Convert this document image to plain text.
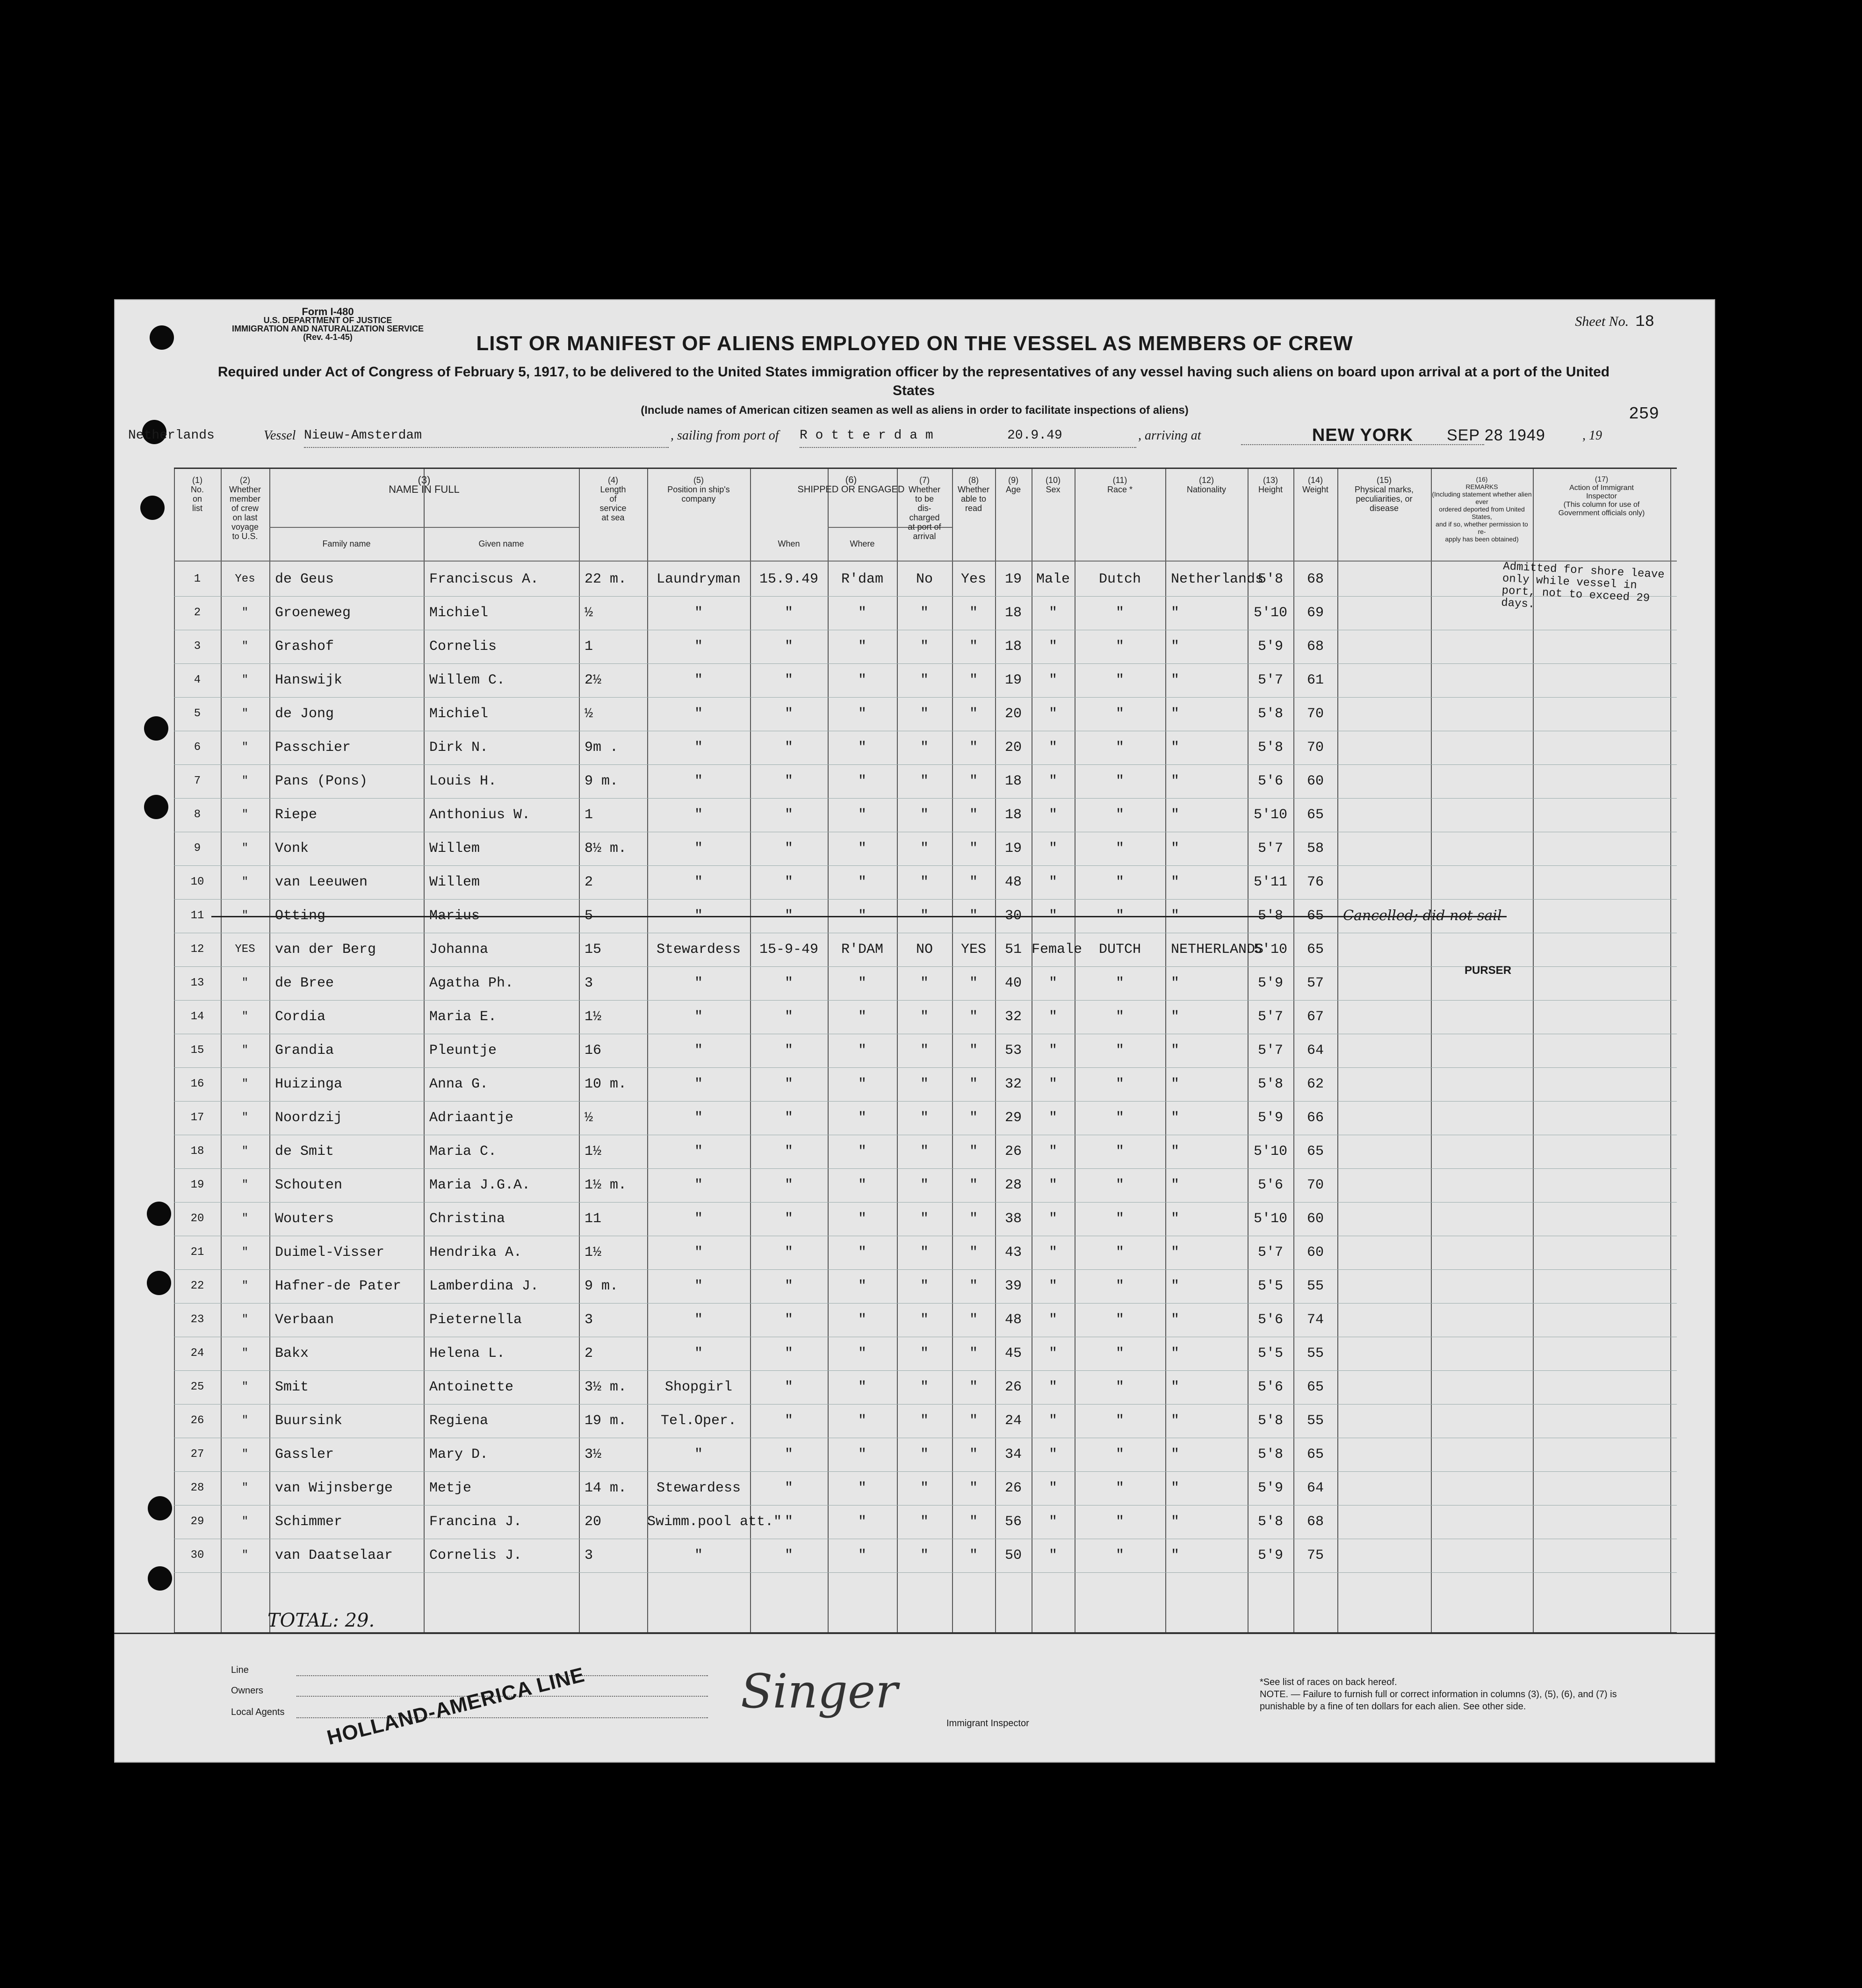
Form I-480
U.S. DEPARTMENT OF JUSTICE
IMMIGRATION AND NATURALIZATION SERVICE
(Rev. 4-1-45)
Sheet No. 18
LIST OR MANIFEST OF ALIENS EMPLOYED ON THE VESSEL AS MEMBERS OF CREW
Required under Act of Congress of February 5, 1917, to be delivered to the United States immigration officer by the representatives of any vessel having such aliens on board upon arrival at a port of the United States
(Include names of American citizen seamen as well as aliens in order to facilitate inspections of aliens)	259
Netherlands	Vessel Nieuw-Amsterdam	, sailing from port of R o t t e r d a m	20.9.49	, arriving at	NEW YORK	SEP 28 1949	, 19
(1)
No.
on
list
(2)
Whether
member
of crew
on last
voyage
to U.S.
(3)
NAME IN FULL
Family name	Given name
(4)
Length
of
service
at sea
(5)
Position in ship's
company
(6)
SHIPPED OR ENGAGED
When	Where
(7)
Whether
to be
dis-
charged
at port of
arrival
(8)
Whether
able to
read
(9)
Age
(10)
Sex
(11)
Race *
(12)
Nationality
(13)
Height
(14)
Weight
(15)
Physical marks,
peculiarities, or
disease
(16)
REMARKS
(Including statement whether alien ever
ordered deported from United States,
and if so, whether permission to re-
apply has been obtained)
(17)
Action of Immigrant
Inspector
(This column for use of
Government officials only)
1	Yes	de Geus	Franciscus A.	22 m.	Laundryman	15.9.49	R'dam	No	Yes	19	Male	Dutch	Netherlands
5'8	68
2	"	Groeneweg	Michiel	½	"	"	"	"	"	18	"	"	"	5'10	69
3	"	Grashof	Cornelis	1	"	"	"	"	"	18	"	"	"	5'9	68
4	"	Hanswijk	Willem C.	2½	"	"	"	"	"	19	"	"	"	5'7	61
5	"	de Jong	Michiel	½	"	"	"	"	"	20	"	"	"	5'8	70
6	"	Passchier	Dirk N.	9m .	"	"	"	"	"	20	"	"	"	5'8	70
7	"	Pans (Pons)	Louis H.	9 m.	"	"	"	"	"	18	"	"	"	5'6	60
8	"	Riepe	Anthonius W.	1	"	"	"	"	"	18	"	"	"	5'10	65
9	"	Vonk	Willem	8½ m.	"	"	"	"	"	19	"	"	"	5'7	58
10	"	van Leeuwen	Willem	2	"	"	"	"	"	48	"	"	"	5'11	76
11	"	Otting	Marius	5	"	"	"	"	"	30	"	"	"	5'8	65	Cancelled; did not sail
12	YES	van der Berg	Johanna	15	Stewardess	15-9-49	R'DAM	NO	YES	51 Female	DUTCH	NETHERLANDS
5'10	65
13	"	de Bree	Agatha Ph.	3	"	"	"	"	"	40	"	"	"	5'9	57
14	"	Cordia	Maria E.	1½	"	"	"	"	"	32	"	"	"	5'7	67
15	"	Grandia	Pleuntje	16	"	"	"	"	"	53	"	"	"	5'7	64
16	"	Huizinga	Anna G.	10 m.	"	"	"	"	"	32	"	"	"	5'8	62
17	"	Noordzij	Adriaantje	½	"	"	"	"	"	29	"	"	"	5'9	66
18	"	de Smit	Maria C.	1½	"	"	"	"	"	26	"	"	"	5'10	65
19	"	Schouten	Maria J.G.A.	1½ m.	"	"	"	"	"	28	"	"	"	5'6	70
20	"	Wouters	Christina	11	"	"	"	"	"	38	"	"	"	5'10	60
21	"	Duimel-Visser	Hendrika A.	1½	"	"	"	"	"	43	"	"	"	5'7	60
22	"	Hafner-de Pater	Lamberdina J.	9 m.	"	"	"	"	"	39	"	"	"	5'5	55
23	"	Verbaan	Pieternella	3	"	"	"	"	"	48	"	"	"	5'6	74
24	"	Bakx	Helena L.	2	"	"	"	"	"	45	"	"	"	5'5	55
25	"	Smit	Antoinette	3½ m.	Shopgirl	"	"	"	"	26	"	"	"	5'6	65
26	"	Buursink	Regiena	19 m.	Tel.Oper.	"	"	"	"	24	"	"	"	5'8	55
27	"	Gassler	Mary D.	3½	"	"	"	"	"	34	"	"	"	5'8	65
28	"	van Wijnsberge	Metje	14 m.	Stewardess	"	"	"	"	26	"	"	"	5'9	64
29	"	Schimmer	Francina J.	20	Swimm.pool att." "	"	"	"	56	"	"	"	5'8	68
30	"	van Daatselaar	Cornelis J.	3	"	"	"	"	"	50	"	"	"	5'9	75
Admitted for shore leave only while vessel in port, not to exceed 29 days.
PURSER
TOTAL: 29.
Line
Owners
Local Agents HOLLAND-AMERICA LINE	Singer
Immigrant Inspector
*See list of races on back hereof.
NOTE. — Failure to furnish full or correct information in columns (3), (5), (6), and (7) is punishable by a fine of ten dollars for each alien. See other side.
